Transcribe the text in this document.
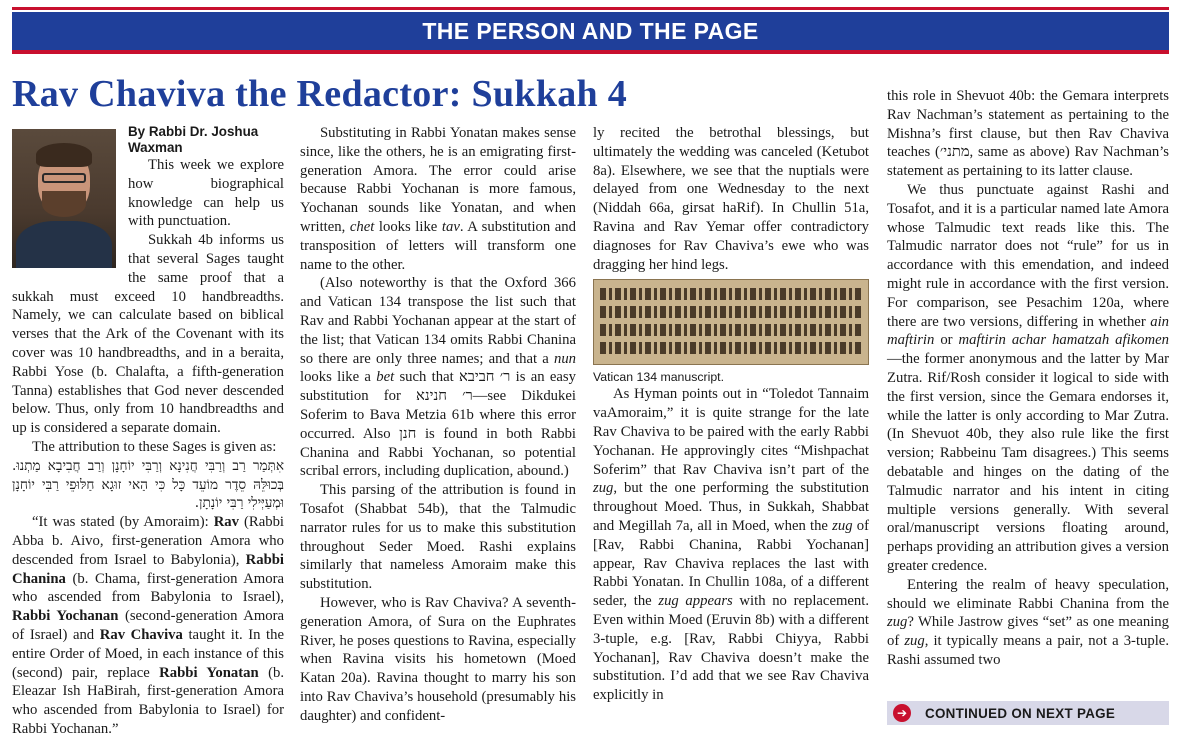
THE PERSON AND THE PAGE
Rav Chaviva the Redactor: Sukkah 4

By Rabbi Dr. Joshua Waxman

This week we explore how biographical knowledge can help us with punctuation.

Sukkah 4b informs us that several Sages taught the same proof that a sukkah must exceed 10 handbreadths. Namely, we can calculate based on biblical verses that the Ark of the Covenant with its cover was 10 handbreadths, and in a beraita, Rabbi Yose (b. Chalafta, a fifth-generation Tanna) establishes that God never descended below. Thus, only from 10 handbreadths and up is considered a separate domain.

The attribution to these Sages is given as:

אִתְּמַר רַב וְרַבִּי חֲנִינָא וְרַבִּי יוֹחָנָן וְרַב חֲבִיבָא מַתְנוּ. בְּכוּלֵּהּ סֵדֶר מוֹעֵד כָּל כִּי הַאי זוּגָא חַלּוּפֵי רַבִּי יוֹחָנָן וּמְעַיְּילִי רַבִּי יוֹנָתָן.

“It was stated (by Amoraim): Rav (Rabbi Abba b. Aivo, first-generation Amora who descended from Israel to Babylonia), Rabbi Chanina (b. Chama, first-generation Amora who ascended from Babylonia to Israel), Rabbi Yochanan (second-generation Amora of Israel) and Rav Chaviva taught it. In the entire Order of Moed, in each instance of this (second) pair, replace Rabbi Yonatan (b. Eleazar Ish HaBirah, first-generation Amora who ascended from Babylonia to Israel) for Rabbi Yochanan.”

Substituting in Rabbi Yonatan makes sense since, like the others, he is an emigrating first-generation Amora. The error could arise because Rabbi Yochanan is more famous, Yochanan sounds like Yonatan, and when written, chet looks like tav. A substitution and transposition of letters will transform one name to the other.

(Also noteworthy is that the Oxford 366 and Vatican 134 transpose the list such that Rav and Rabbi Yochanan appear at the start of the list; that Vatican 134 omits Rabbi Chanina so there are only three names; and that a nun looks like a bet such that ר׳ חביבא is an easy substitution for ר׳ חנינא—see Dikdukei Soferim to Bava Metzia 61b where this error occurred. Also חנן is found in both Rabbi Chanina and Rabbi Yochanan, so potential scribal errors, including duplication, abound.)

This parsing of the attribution is found in Tosafot (Shabbat 54b), that the Talmudic narrator rules for us to make this substitution throughout Seder Moed. Rashi explains similarly that nameless Amoraim make this substitution.

However, who is Rav Chaviva? A seventh-generation Amora, of Sura on the Euphrates River, he poses questions to Ravina, especially when Ravina visits his hometown (Moed Katan 20a). Ravina thought to marry his son into Rav Chaviva’s household (presumably his daughter) and confident-

ly recited the betrothal blessings, but ultimately the wedding was canceled (Ketubot 8a). Elsewhere, we see that the nuptials were delayed from one Wednesday to the next (Niddah 66a, girsat haRif). In Chullin 51a, Ravina and Rav Yemar offer contradictory diagnoses for Rav Chaviva’s ewe who was dragging her hind legs.

Vatican 134 manuscript.

As Hyman points out in “Toledot Tannaim vaAmoraim,” it is quite strange for the late Rav Chaviva to be paired with the early Rabbi Yochanan. He approvingly cites “Mishpachat Soferim” that Rav Chaviva isn’t part of the zug, but the one performing the substitution throughout Moed. Thus, in Sukkah, Shabbat and Megillah 7a, all in Moed, when the zug of [Rav, Rabbi Chanina, Rabbi Yochanan] appear, Rav Chaviva replaces the last with Rabbi Yonatan. In Chullin 108a, of a different seder, the zug appears with no replacement. Even within Moed (Eruvin 8b) with a different 3-tuple, e.g. [Rav, Rabbi Chiyya, Rabbi Yochanan], Rav Chaviva doesn’t make the substitution. I’d add that we see Rav Chaviva explicitly in

this role in Shevuot 40b: the Gemara interprets Rav Nachman’s statement as pertaining to the Mishna’s first clause, but then Rav Chaviva teaches (מתני׳, same as above) Rav Nachman’s statement as pertaining to its latter clause.

We thus punctuate against Rashi and Tosafot, and it is a particular named late Amora whose Talmudic text reads like this. The Talmudic narrator does not “rule” for us in accordance with this emendation, and indeed might rule in accordance with the first version. For comparison, see Pesachim 120a, where there are two versions, differing in whether ain maftirin or maftirin achar hamatzah afikomen—the former anonymous and the latter by Mar Zutra. Rif/Rosh consider it logical to side with the first version, since the Gemara endorses it, while the latter is only according to Mar Zutra. (In Shevuot 40b, they also rule like the first version; Rabbeinu Tam disagrees.) This seems debatable and hinges on the dating of the Talmudic narrator and his intent in citing multiple versions generally. With several oral/manuscript versions floating around, perhaps providing an attribution gives a version greater credence.

Entering the realm of heavy speculation, should we eliminate Rabbi Chanina from the zug? While Jastrow gives “set” as one meaning of zug, it typically means a pair, not a 3-tuple. Rashi assumed two

➔ CONTINUED ON NEXT PAGE
